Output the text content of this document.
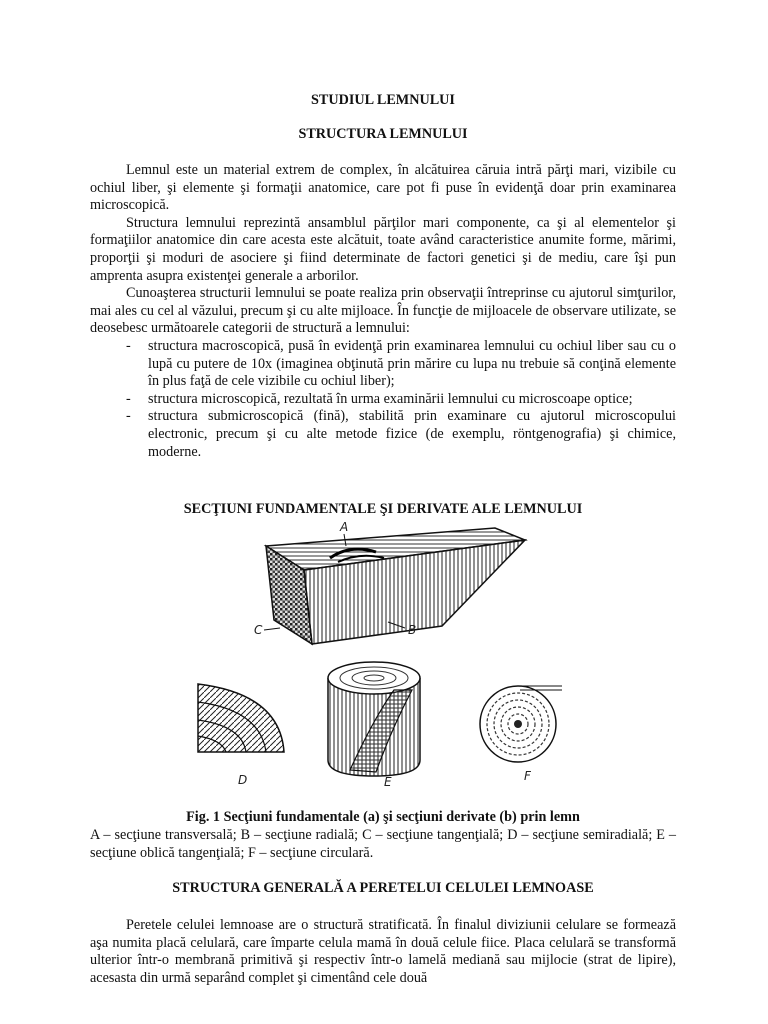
STUDIUL LEMNULUI
STRUCTURA LEMNULUI

Lemnul este un material extrem de complex, în alcătuirea căruia intră părţi mari, vizibile cu ochiul liber, şi elemente şi formaţii anatomice, care pot fi puse în evidenţă doar prin examinarea microscopică.

Structura lemnului reprezintă ansamblul părţilor mari componente, ca şi al elementelor şi formaţiilor anatomice din care acesta este alcătuit, toate având caracteristice anumite forme, mărimi, proporţii şi moduri de asociere şi fiind determinate de factori genetici şi de mediu, care îşi pun amprenta asupra existenţei generale a arborilor.

Cunoaşterea structurii lemnului se poate realiza prin observaţii întreprinse cu ajutorul simţurilor, mai ales cu cel al văzului, precum şi cu alte mijloace. În funcţie de mijloacele de observare utilizate, se deosebesc următoarele categorii de structură a lemnului:

- structura macroscopică, pusă în evidenţă prin examinarea lemnului cu ochiul liber sau cu o lupă cu putere de 10x (imaginea obţinută prin mărire cu lupa nu trebuie să conţină elemente în plus faţă de cele vizibile cu ochiul liber);
- structura microscopică, rezultată în urma examinării lemnului cu microscoape optice;
- structura submicroscopică (fină), stabilită prin examinare cu ajutorul microscopului electronic, precum şi cu alte metode fizice (de exemplu, röntgenografia) şi chimice, moderne.
SECŢIUNI FUNDAMENTALE ŞI DERIVATE ALE LEMNULUI
A
B
C
D	E	F
Fig. 1 Secţiuni fundamentale (a) şi secţiuni derivate (b) prin lemn
A – secţiune transversală; B – secţiune radială; C – secţiune tangenţială; D – secţiune semiradială; E – secţiune oblică tangenţială; F – secţiune circulară.
STRUCTURA GENERALĂ A PERETELUI CELULEI LEMNOASE

Peretele celulei lemnoase are o structură stratificată. În finalul diviziunii celulare se formează aşa numita placă celulară, care împarte celula mamă în două celule fiice. Placa celulară se transformă ulterior într-o membrană primitivă şi respectiv într-o lamelă mediană sau mijlocie (strat de lipire), acesasta din urmă separând complet şi cimentând cele două
